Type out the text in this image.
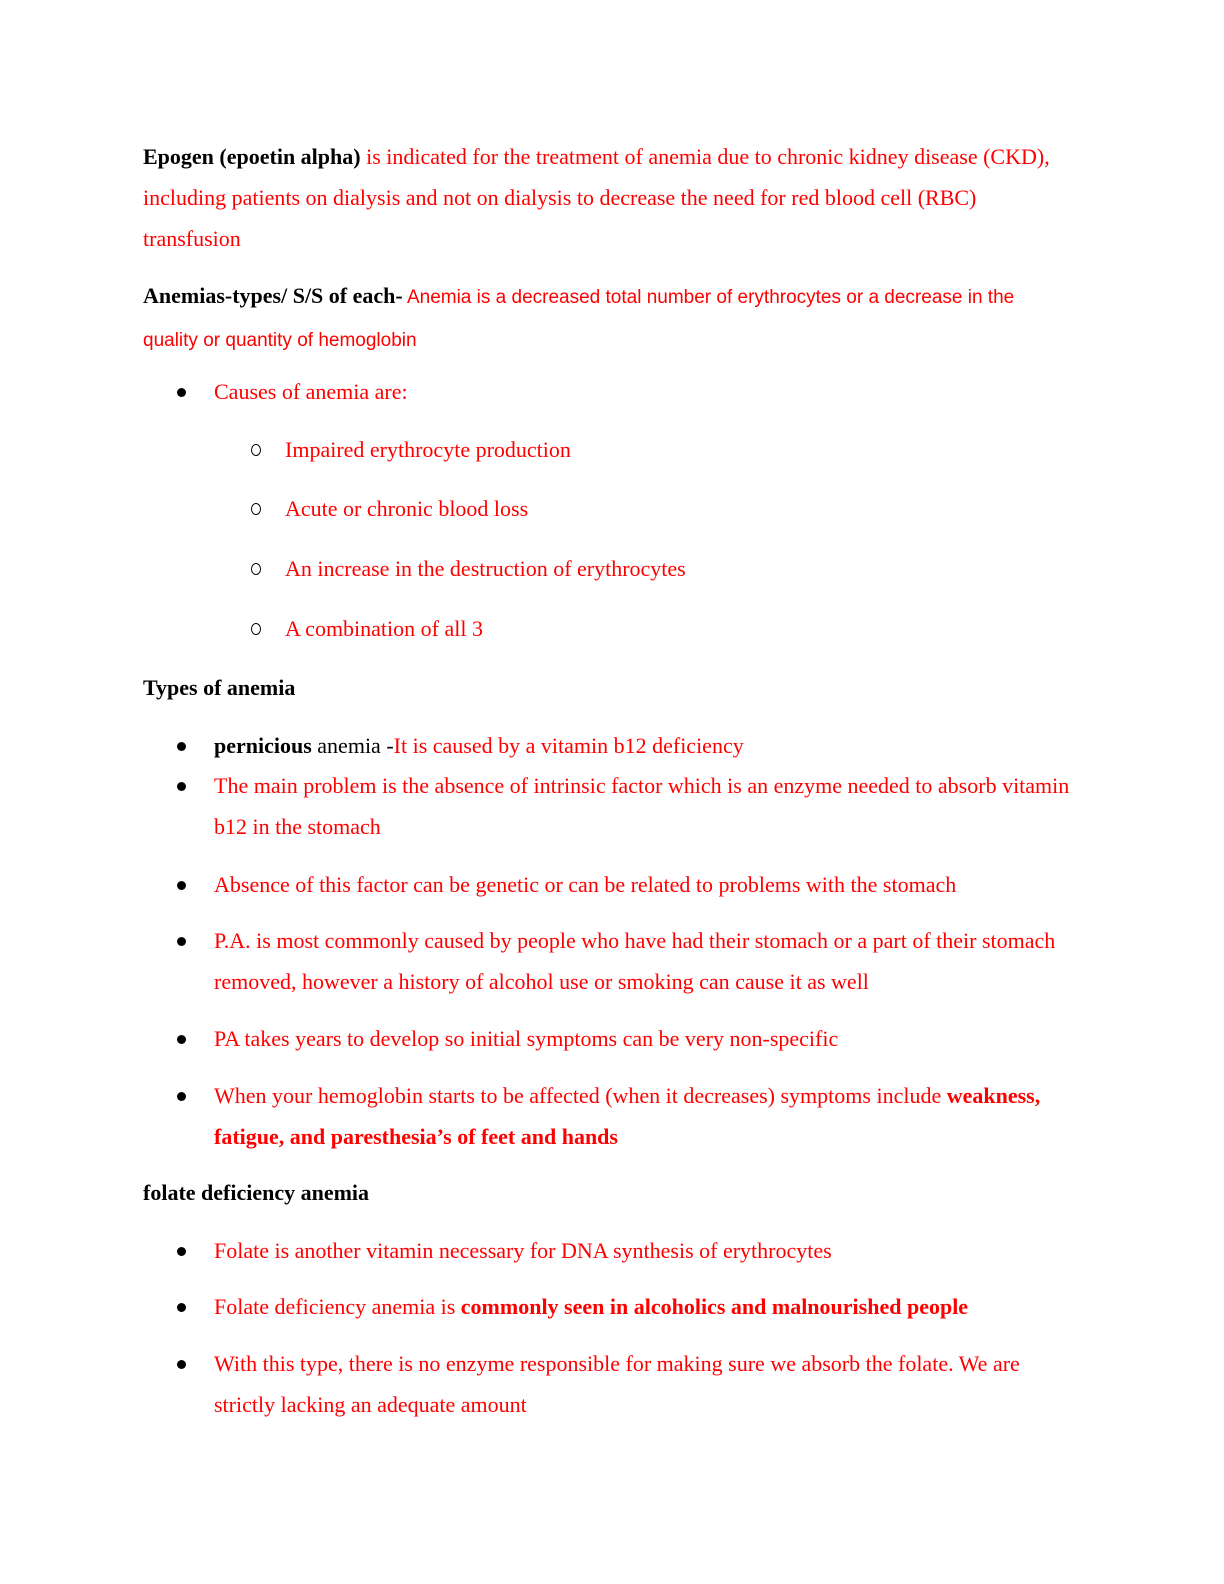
Epogen (epoetin alpha) is indicated for the treatment of anemia due to chronic kidney disease (CKD), including patients on dialysis and not on dialysis to decrease the need for red blood cell (RBC) transfusion
Anemias-types/ S/S of each- Anemia is a decreased total number of erythrocytes or a decrease in the quality or quantity of hemoglobin
Causes of anemia are:
Impaired erythrocyte production
Acute or chronic blood loss
An increase in the destruction of erythrocytes
A combination of all 3
Types of anemia
pernicious anemia -It is caused by a vitamin b12 deficiency
The main problem is the absence of intrinsic factor which is an enzyme needed to absorb vitamin b12 in the stomach
Absence of this factor can be genetic or can be related to problems with the stomach
P.A. is most commonly caused by people who have had their stomach or a part of their stomach removed, however a history of alcohol use or smoking can cause it as well
PA takes years to develop so initial symptoms can be very non-specific
When your hemoglobin starts to be affected (when it decreases) symptoms include weakness, fatigue, and paresthesia’s of feet and hands
folate deficiency anemia
Folate is another vitamin necessary for DNA synthesis of erythrocytes
Folate deficiency anemia is commonly seen in alcoholics and malnourished people
With this type, there is no enzyme responsible for making sure we absorb the folate. We are strictly lacking an adequate amount
